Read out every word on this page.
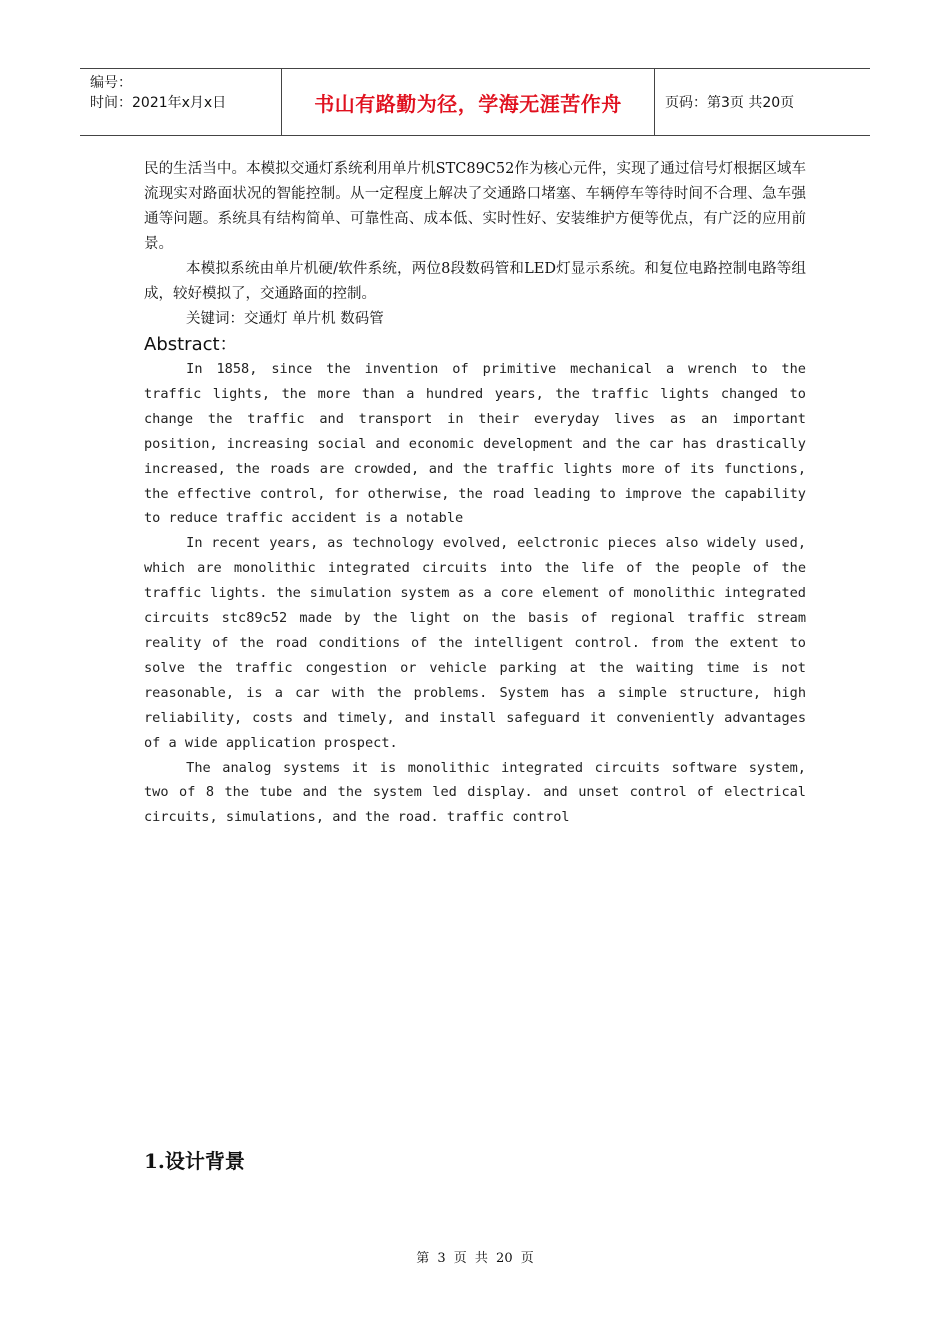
编号：
时间：2021年x月x日	书山有路勤为径，学海无涯苦作舟	页码：第3页 共20页

民的生活当中。本模拟交通灯系统利用单片机STC89C52作为核心元件，实现了通过信号灯根据区域车流现实对路面状况的智能控制。从一定程度上解决了交通路口堵塞、车辆停车等待时间不合理、急车强通等问题。系统具有结构简单、可靠性高、成本低、实时性好、安装维护方便等优点，有广泛的应用前景。

本模拟系统由单片机硬/软件系统，两位8段数码管和LED灯显示系统。和复位电路控制电路等组成，较好模拟了，交通路面的控制。

关键词：交通灯 单片机 数码管

Abstract：

In 1858, since the invention of primitive mechanical a wrench to the traffic lights, the more than a hundred years, the traffic lights changed to change the traffic and transport in their everyday lives as an important position, increasing social and economic development and the car has drastically increased, the roads are crowded, and the traffic lights more of its functions, the effective control, for otherwise, the road leading to improve the capability to reduce traffic accident is a notable

In recent years, as technology evolved, eelctronic pieces also widely used, which are monolithic integrated circuits into the life of the people of the traffic lights. the simulation system as a core element of monolithic integrated circuits stc89c52 made by the light on the basis of regional traffic stream reality of the road conditions of the intelligent control. from the extent to solve the traffic congestion or vehicle parking at the waiting time is not reasonable, is a car with the problems. System has a simple structure, high reliability, costs and timely, and install safeguard it conveniently advantages of a wide application prospect.

The analog systems it is monolithic integrated circuits software system, two of 8 the tube and the system led display. and unset control of electrical circuits, simulations, and the road. traffic control

1.设计背景
第 3 页 共 20 页
